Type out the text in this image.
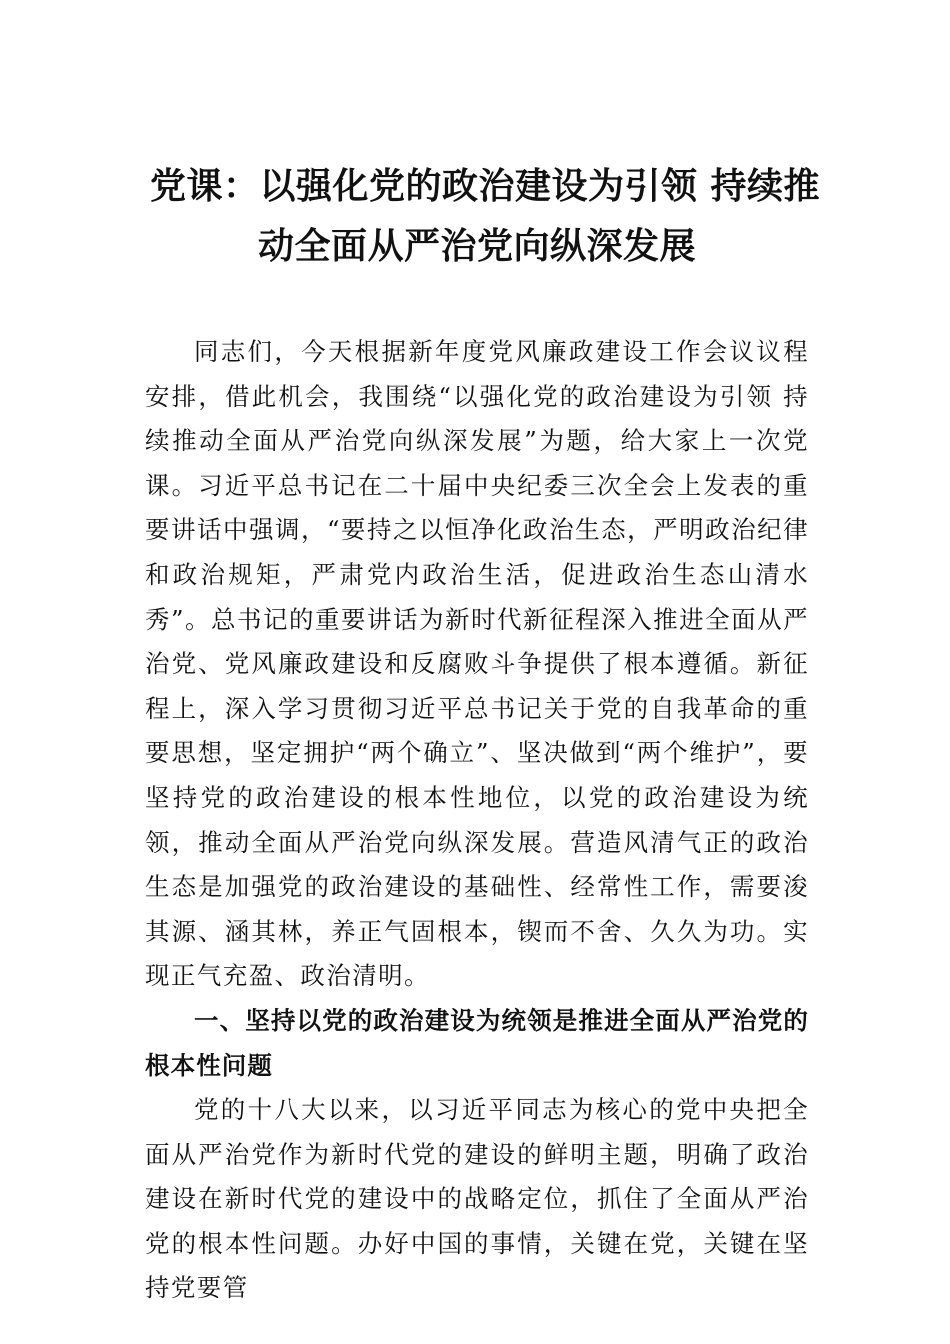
党课：以强化党的政治建设为引领 持续推
动全面从严治党向纵深发展

同志们，今天根据新年度党风廉政建设工作会议议程安排，借此机会，我围绕“以强化党的政治建设为引领 持续推动全面从严治党向纵深发展”为题，给大家上一次党课。习近平总书记在二十届中央纪委三次全会上发表的重要讲话中强调，“要持之以恒净化政治生态，严明政治纪律和政治规矩，严肃党内政治生活，促进政治生态山清水秀”。总书记的重要讲话为新时代新征程深入推进全面从严治党、党风廉政建设和反腐败斗争提供了根本遵循。新征程上，深入学习贯彻习近平总书记关于党的自我革命的重要思想，坚定拥护“两个确立”、坚决做到“两个维护”，要坚持党的政治建设的根本性地位，以党的政治建设为统领，推动全面从严治党向纵深发展。营造风清气正的政治生态是加强党的政治建设的基础性、经常性工作，需要浚其源、涵其林，养正气固根本，锲而不舍、久久为功。实现正气充盈、政治清明。

一、坚持以党的政治建设为统领是推进全面从严治党的根本性问题

党的十八大以来，以习近平同志为核心的党中央把全面从严治党作为新时代党的建设的鲜明主题，明确了政治建设在新时代党的建设中的战略定位，抓住了全面从严治党的根本性问题。办好中国的事情，关键在党，关键在坚持党要管
